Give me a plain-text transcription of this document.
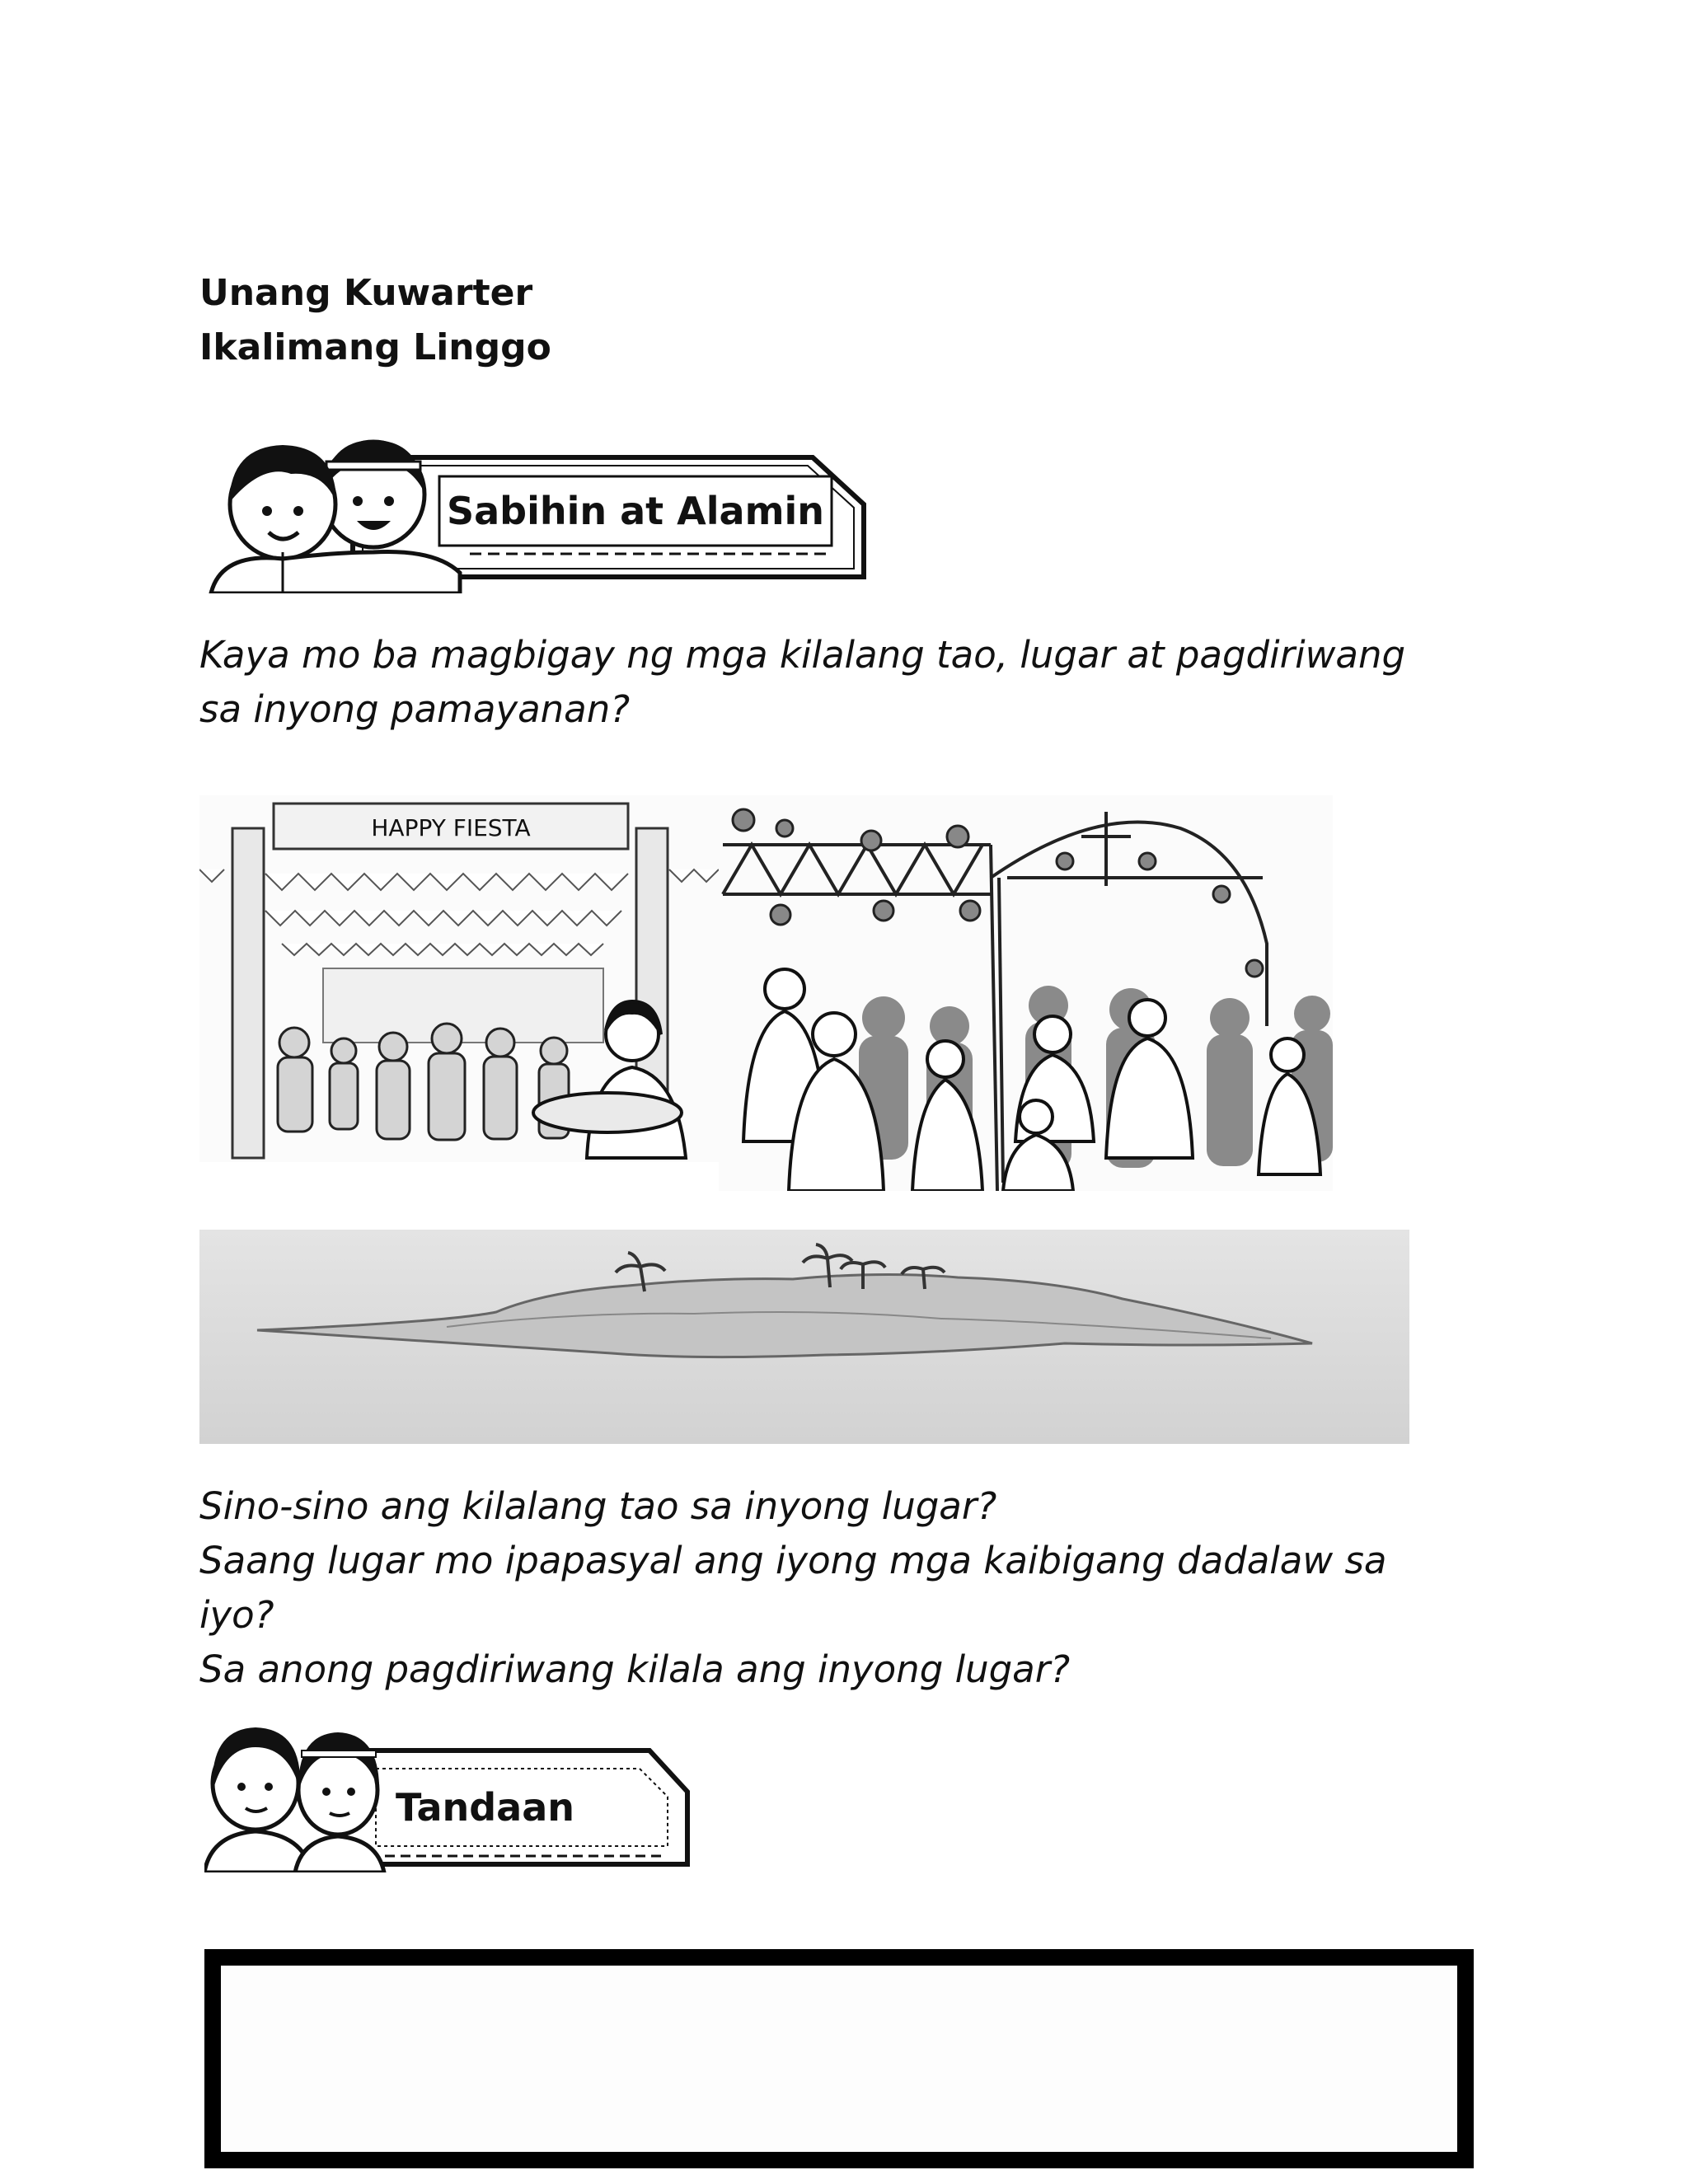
Unang Kuwarter
Ikalimang Linggo
Sabihin at Alamin
Kaya mo ba magbigay ng mga kilalang tao, lugar at pagdiriwang
sa inyong pamayanan?
HAPPY FIESTA
Sino-sino ang kilalang tao sa inyong lugar?
Saang lugar mo ipapasyal ang iyong mga kaibigang dadalaw sa
iyo?
Sa anong pagdiriwang kilala ang inyong lugar?
Tandaan
